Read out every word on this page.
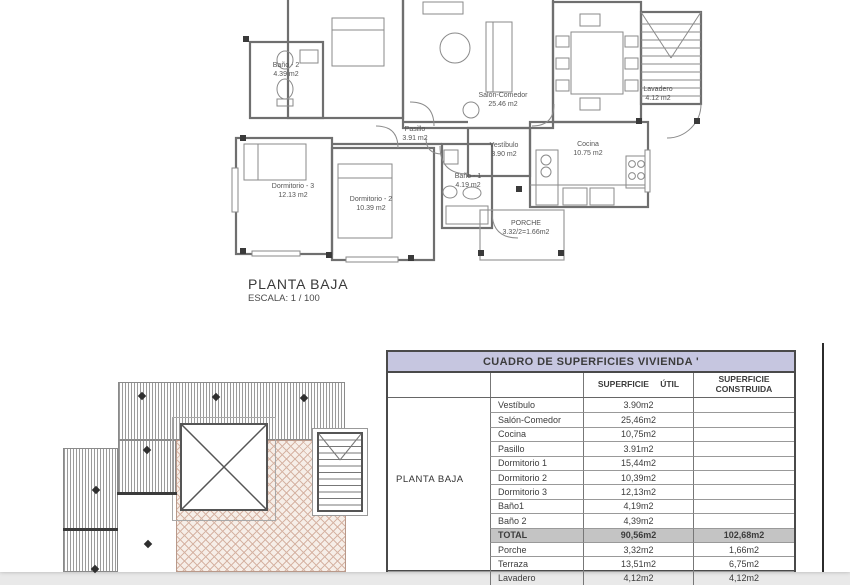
Baño - 2
4.39 m2
Salón-Comedor
25.46 m2
Lavadero
4.12 m2
Pasillo
3.91 m2
Vestíbulo
3.90 m2
Cocina
10.75 m2
Dormitorio - 3
12.13 m2
Dormitorio - 2
10.39 m2
Baño - 1
4.19 m2
PORCHE
3.32/2=1.66m2
PLANTA BAJA
ESCALA: 1 / 100
CUADRO DE SUPERFICIES VIVIENDA '
SUPERFICIE ÚTIL	SUPERFICIE CONSTRUIDA
Vestíbulo	3.90m2
Salón-Comedor	25,46m2
Cocina	10,75m2
Pasillo	3.91m2
Dormitorio 1	15,44m2
Dormitorio 2	10,39m2
Dormitorio 3	12,13m2
Baño1	4,19m2
Baño 2	4,39m2
TOTAL	90,56m2	102,68m2
Porche	3,32m2	1,66m2
Terraza	13,51m2	6,75m2
Lavadero	4,12m2	4,12m2
PLANTA BAJA
